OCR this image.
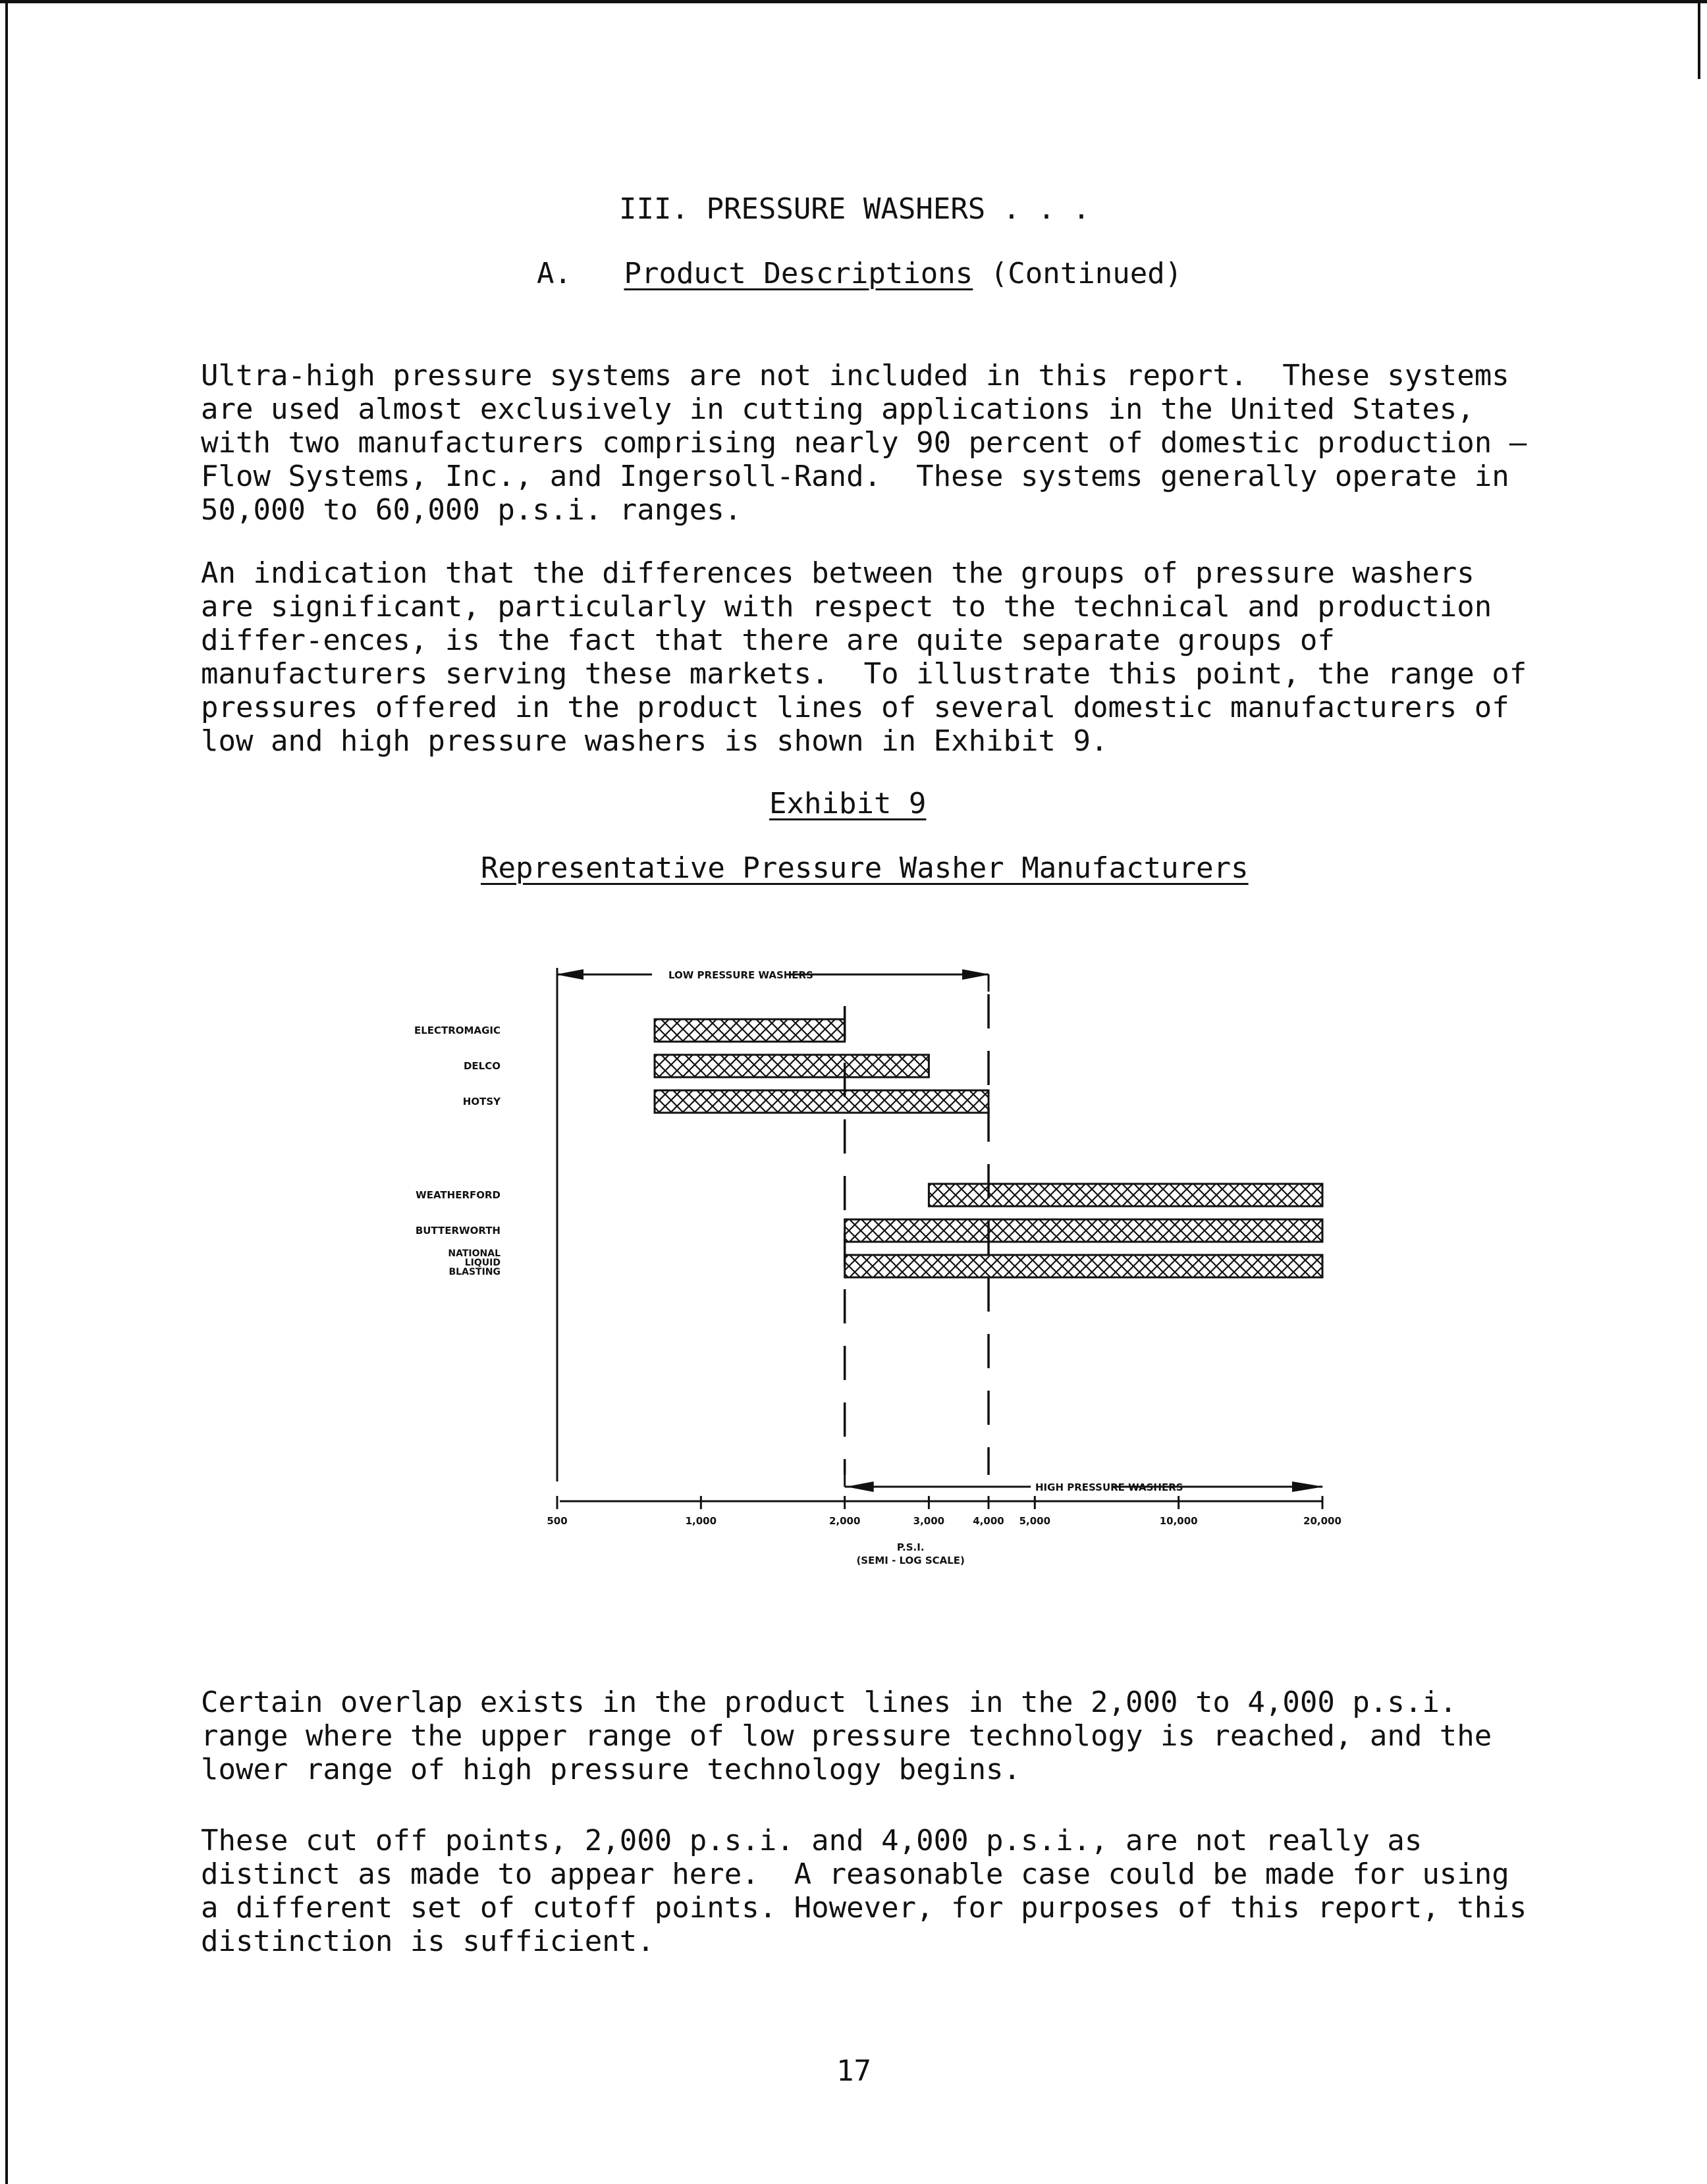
III. PRESSURE WASHERS . . .
A. Product Descriptions (Continued)

Ultra-high pressure systems are not included in this report.  These systems are used almost exclusively in cutting applications in the United States, with two manufacturers comprising nearly 90 percent of domestic production — Flow Systems, Inc., and Ingersoll-Rand.  These systems generally operate in 50,000 to 60,000 p.s.i. ranges.

An indication that the differences between the groups of pressure washers are significant, particularly with respect to the technical and production differ-ences, is the fact that there are quite separate groups of manufacturers serving these markets.  To illustrate this point, the range of pressures offered in the product lines of several domestic manufacturers of low and high pressure washers is shown in Exhibit 9.

Exhibit 9
Representative Pressure Washer Manufacturers
LOW PRESSURE WASHERS
HIGH PRESSURE WASHERS
ELECTROMAGIC
DELCO
HOTSY
WEATHERFORD
BUTTERWORTH
NATIONAL
LIQUID
BLASTING
500	1,000	2,000	3,000	4,000 5,000	10,000	20,000
P.S.I.
(SEMI - LOG SCALE)

Certain overlap exists in the product lines in the 2,000 to 4,000 p.s.i. range where the upper range of low pressure technology is reached, and the lower range of high pressure technology begins.

These cut off points, 2,000 p.s.i. and 4,000 p.s.i., are not really as distinct as made to appear here.  A reasonable case could be made for using a different set of cutoff points. However, for purposes of this report, this distinction is sufficient.

17
